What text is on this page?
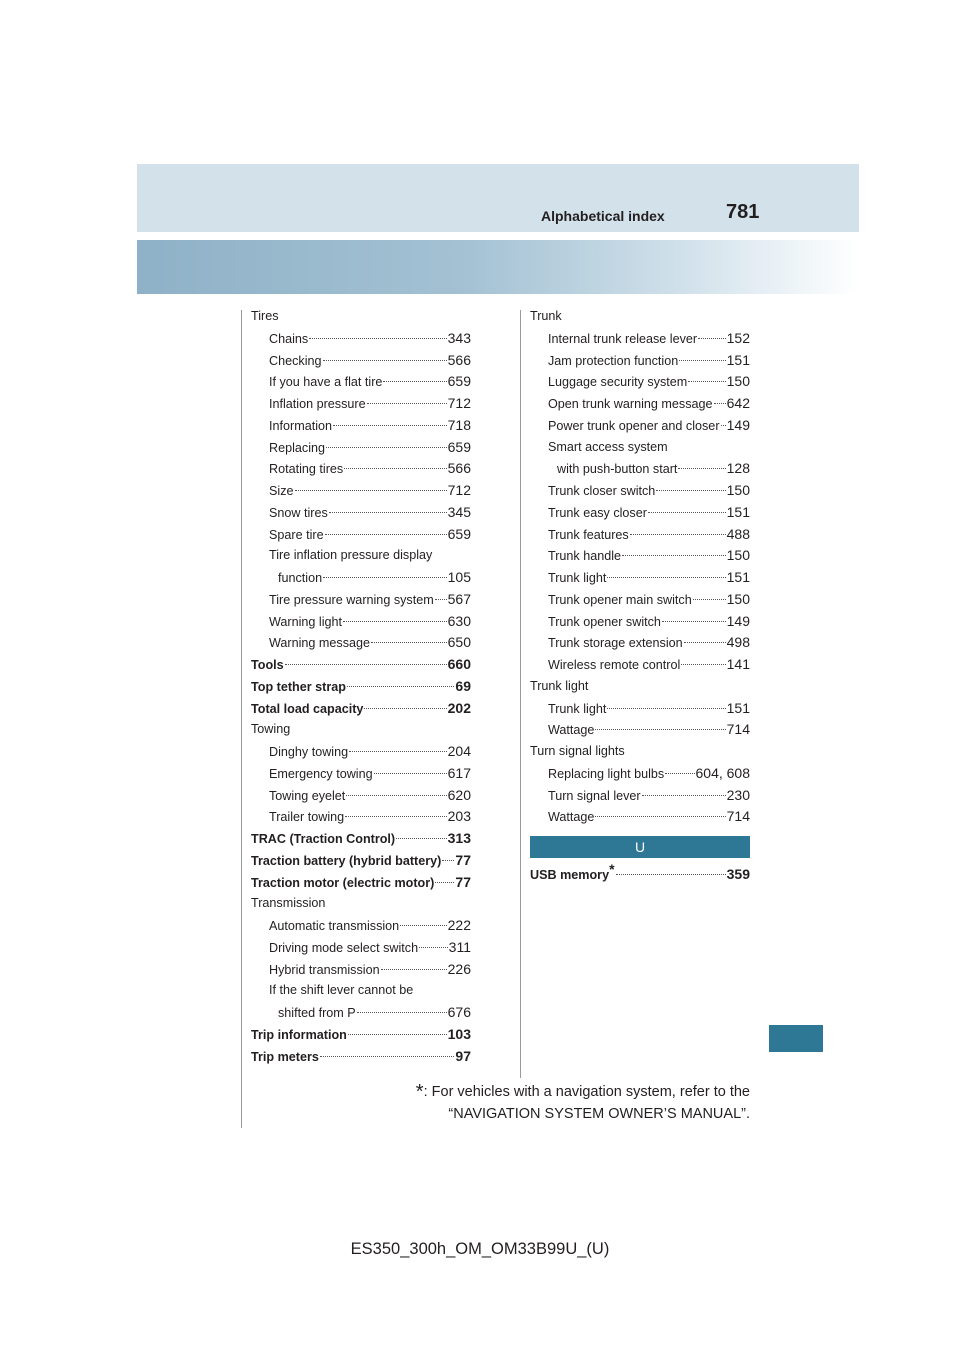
Alphabetical index	781
Tires
Chains	343
Checking	566
If you have a flat tire	659
Inflation pressure	712
Information	718
Replacing	659
Rotating tires	566
Size	712
Snow tires	345
Spare tire	659
Tire inflation pressure display
function	105
Tire pressure warning system 567
Warning light	630
Warning message	650
Tools	660
Top tether strap	69
Total load capacity	202
Towing
Dinghy towing	204
Emergency towing	617
Towing eyelet	620
Trailer towing	203
TRAC (Traction Control)	313
Traction battery (hybrid battery) 77
Traction motor (electric motor) 77
Transmission
Automatic transmission	222
Driving mode select switch 311
Hybrid transmission	226
If the shift lever cannot be
shifted from P	676
Trip information	103
Trip meters	97
Trunk
Internal trunk release lever 152
Jam protection function	151
Luggage security system	150
Open trunk warning message 642
Power trunk opener and closer 149
Smart access system
with push-button start	128
Trunk closer switch	150
Trunk easy closer	151
Trunk features	488
Trunk handle	150
Trunk light	151
Trunk opener main switch 150
Trunk opener switch	149
Trunk storage extension	498
Wireless remote control	141
Trunk light
Trunk light	151
Wattage	714
Turn signal lights
Replacing light bulbs 604, 608
Turn signal lever	230
Wattage	714
U
USB memory*	359
*: For vehicles with a navigation system, refer to the
“NAVIGATION SYSTEM OWNER’S MANUAL”.
ES350_300h_OM_OM33B99U_(U)
